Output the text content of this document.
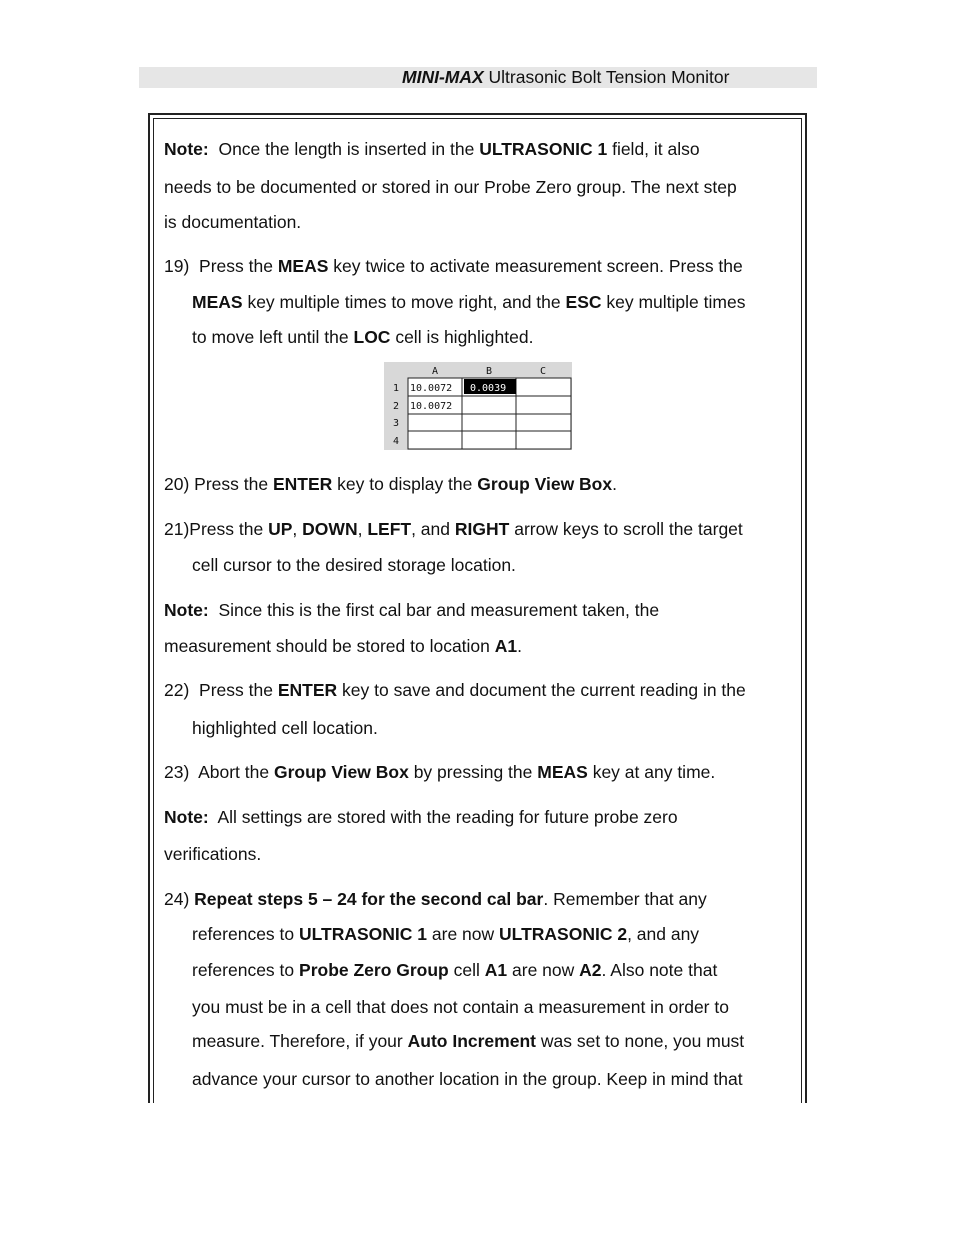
MINI-MAX Ultrasonic Bolt Tension Monitor
Note: Once the length is inserted in the ULTRASONIC 1 field, it also
needs to be documented or stored in our Probe Zero group. The next step
is documentation.
19) Press the MEAS key twice to activate measurement screen. Press the
MEAS key multiple times to move right, and the ESC key multiple times
to move left until the LOC cell is highlighted.
A	B	C
1
2
3
4
10.0072 0.0039
10.0072
20) Press the ENTER key to display the Group View Box.
21)Press the UP, DOWN, LEFT, and RIGHT arrow keys to scroll the target
cell cursor to the desired storage location.
Note: Since this is the first cal bar and measurement taken, the
measurement should be stored to location A1.
22) Press the ENTER key to save and document the current reading in the
highlighted cell location.
23) Abort the Group View Box by pressing the MEAS key at any time.
Note: All settings are stored with the reading for future probe zero
verifications.
24) Repeat steps 5 – 24 for the second cal bar. Remember that any
references to ULTRASONIC 1 are now ULTRASONIC 2, and any
references to Probe Zero Group cell A1 are now A2. Also note that
you must be in a cell that does not contain a measurement in order to
measure. Therefore, if your Auto Increment was set to none, you must
advance your cursor to another location in the group. Keep in mind that
